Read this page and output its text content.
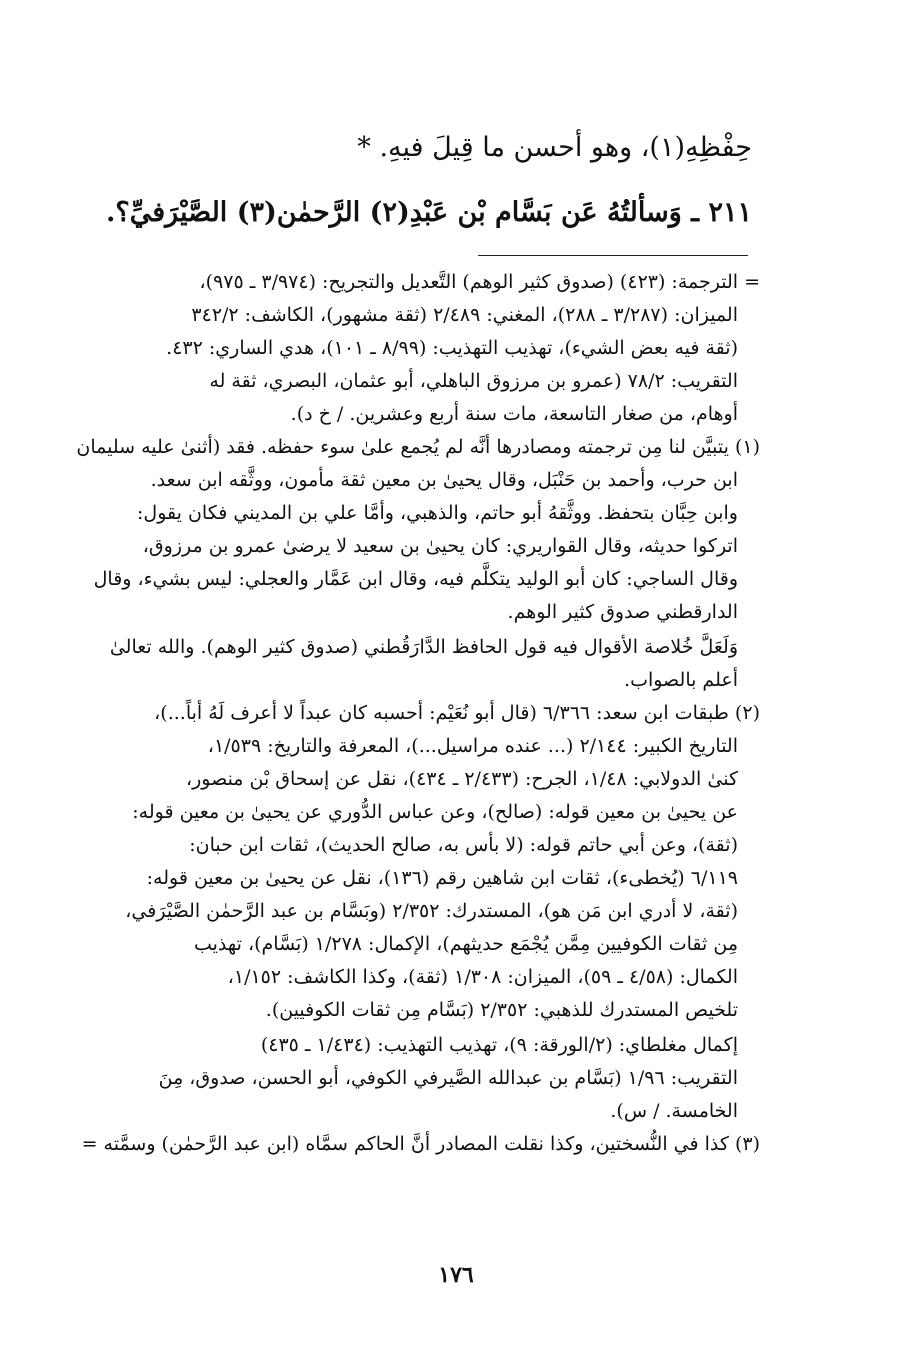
حِفْظِهِ(١)، وهو أحسن ما قِيلَ فيهِ. *
٢١١ ـ وَسألتُهُ عَن بَسَّام بْن عَبْدِ(٢) الرَّحمٰن(٣) الصَّيْرَفيِّ؟.
= الترجمة: (٤٢٣) (صدوق كثير الوهم) التَّعديل والتجريح: (٣/٩٧٤ ـ ٩٧٥)،
الميزان: (٣/٢٨٧ ـ ٢٨٨)، المغني: ٢/٤٨٩ (ثقة مشهور)، الكاشف: ٣٤٢/٢
(ثقة فيه بعض الشيء)، تهذيب التهذيب: (٨/٩٩ ـ ١٠١)، هدي الساري: ٤٣٢.
التقريب: ٧٨/٢ (عمرو بن مرزوق الباهلي، أبو عثمان، البصري، ثقة له
أوهام، من صغار التاسعة، مات سنة أربع وعشرين. / خ د).
(١) يتبيَّن لنا مِن ترجمته ومصادرها أنَّه لم يُجمع علىٰ سوء حفظه. فقد (أثنىٰ عليه سليمان
ابن حرب، وأحمد بن حَنْبَل، وقال يحيىٰ بن معين ثقة مأمون، ووثَّقه ابن سعد.
وابن حِبَّان بتحفظ. ووثَّقهُ أبو حاتم، والذهبي، وأمَّا علي بن المديني فكان يقول:
اتركوا حديثه، وقال القواريري: كان يحيىٰ بن سعيد لا يرضىٰ عمرو بن مرزوق،
وقال الساجي: كان أبو الوليد يتكلَّم فيه، وقال ابن عَمَّار والعجلي: ليس بشيء، وقال
الدارقطني صدوق كثير الوهم.
وَلَعَلَّ خُلاصة الأقوال فيه قول الحافظ الدَّارَقُطني (صدوق كثير الوهم). والله تعالىٰ
أعلم بالصواب.
(٢) طبقات ابن سعد: ٦/٣٦٦ (قال أبو نُعَيْم: أحسبه كان عبداً لا أعرف لَهُ أباً...)،
التاريخ الكبير: ٢/١٤٤ (... عنده مراسيل...)، المعرفة والتاريخ: ١/٥٣٩،
كنىٰ الدولابي: ١/٤٨، الجرح: (٢/٤٣٣ ـ ٤٣٤)، نقل عن إسحاق بْن منصور،
عن يحيىٰ بن معين قوله: (صالح)، وعن عباس الدُّوري عن يحيىٰ بن معين قوله:
(ثقة)، وعن أبي حاتم قوله: (لا بأس به، صالح الحديث)، ثقات ابن حبان:
٦/١١٩ (يُخطىء)، ثقات ابن شاهين رقم (١٣٦)، نقل عن يحيىٰ بن معين قوله:
(ثقة، لا أدري ابن مَن هو)، المستدرك: ٢/٣٥٢ (وبَسَّام بن عبد الرَّحمٰن الصَّيْرَفي،
مِن ثقات الكوفيين مِمَّن يُجْمَع حديثهم)، الإكمال: ١/٢٧٨ (بَسَّام)، تهذيب
الكمال: (٤/٥٨ ـ ٥٩)، الميزان: ١/٣٠٨ (ثقة)، وكذا الكاشف: ١/١٥٢،
تلخيص المستدرك للذهبي: ٢/٣٥٢ (بَسَّام مِن ثقات الكوفيين).
إكمال مغلطاي: (٢/الورقة: ٩)، تهذيب التهذيب: (١/٤٣٤ ـ ٤٣٥)
التقريب: ١/٩٦ (بَسَّام بن عبدالله الصَّيرفي الكوفي، أبو الحسن، صدوق، مِنَ
الخامسة. / س).
(٣) كذا في النُّسختين، وكذا نقلت المصادر أنَّ الحاكم سمَّاه (ابن عبد الرَّحمٰن) وسمَّته =
١٧٦
